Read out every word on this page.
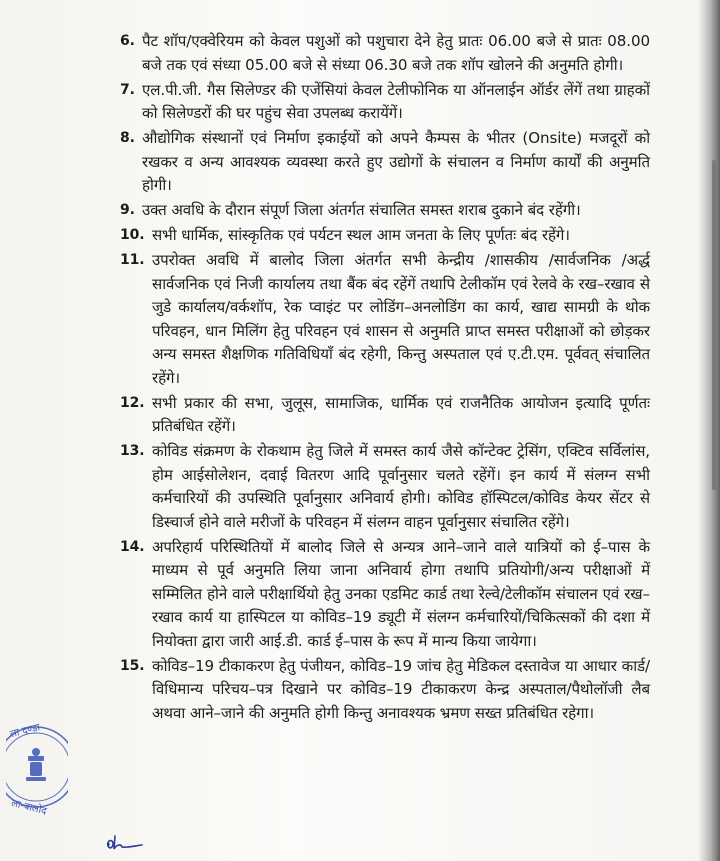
6. पैट शॉप/एक्वेरियम को केवल पशुओं को पशुचारा देने हेतु प्रातः 06.00 बजे से प्रातः 08.00 बजे तक एवं संध्या 05.00 बजे से संध्या 06.30 बजे तक शॉप खोलने की अनुमति होगी।
7. एल.पी.जी. गैस सिलेण्डर की एजेंसियां केवल टेलीफोनिक या ऑनलाईन ऑर्डर लेंगें तथा ग्राहकों को सिलेण्डरों की घर पहुंच सेवा उपलब्ध करायेंगें।
8. औद्योगिक संस्थानों एवं निर्माण इकाईयों को अपने कैम्पस के भीतर (Onsite) मजदूरों को रखकर व अन्य आवश्यक व्यवस्था करते हुए उद्योगों के संचालन व निर्माण कार्यों की अनुमति होगी।
9. उक्त अवधि के दौरान संपूर्ण जिला अंतर्गत संचालित समस्त शराब दुकाने बंद रहेंगी।
10. सभी धार्मिक, सांस्कृतिक एवं पर्यटन स्थल आम जनता के लिए पूर्णतः बंद रहेंगे।
11. उपरोक्त अवधि में बालोद जिला अंतर्गत सभी केन्द्रीय /शासकीय /सार्वजनिक /अर्द्ध सार्वजनिक एवं निजी कार्यालय तथा बैंक बंद रहेंगें तथापि टेलीकॉम एवं रेलवे के रख–रखाव से जुडे कार्यालय/वर्कशॉप, रेक प्वाइंट पर लोडिंग–अनलोडिंग का कार्य, खाद्य सामग्री के थोक परिवहन, धान मिलिंग हेतु परिवहन एवं शासन से अनुमति प्राप्त समस्त परीक्षाओं को छोड़कर अन्य समस्त शैक्षणिक गतिविधियाँ बंद रहेगी, किन्तु अस्पताल एवं ए.टी.एम. पूर्ववत् संचालित रहेंगे।
12. सभी प्रकार की सभा, जुलूस, सामाजिक, धार्मिक एवं राजनैतिक आयोजन इत्यादि पूर्णतः प्रतिबंधित रहेंगें।
13. कोविड संक्रमण के रोकथाम हेतु जिले में समस्त कार्य जैसे कॉन्टेक्ट ट्रेसिंग, एक्टिव सर्विलांस, होम आईसोलेशन, दवाई वितरण आदि पूर्वानुसार चलते रहेंगें। इन कार्य में संलग्न सभी कर्मचारियों की उपस्थिति पूर्वानुसार अनिवार्य होगी। कोविड हॉस्पिटल/कोविड केयर सेंटर से डिस्चार्ज होने वाले मरीजों के परिवहन में संलग्न वाहन पूर्वानुसार संचालित रहेंगे।
14. अपरिहार्य परिस्थितियों में बालोद जिले से अन्यत्र आने–जाने वाले यात्रियों को ई–पास के माध्यम से पूर्व अनुमति लिया जाना अनिवार्य होगा तथापि प्रतियोगी/अन्य परीक्षाओं में सम्मिलित होने वाले परीक्षार्थियो हेतु उनका एडमिट कार्ड तथा रेल्वे/टेलीकॉम संचालन एवं रख–रखाव कार्य या हास्पिटल या कोविड–19 ड्यूटी में संलग्न कर्मचारियों/चिकित्सकों की दशा में नियोक्ता द्वारा जारी आई.डी. कार्ड ई–पास के रूप में मान्य किया जायेगा।
15. कोविड–19 टीकाकरण हेतु पंजीयन, कोविड–19 जांच हेतु मेडिकल दस्तावेज या आधार कार्ड/विधिमान्य परिचय–पत्र दिखाने पर कोविड–19 टीकाकरण केन्द्र अस्पताल/पैथोलॉजी लैब अथवा आने–जाने की अनुमति होगी किन्तु अनावश्यक भ्रमण सख्त प्रतिबंधित रहेगा।
ला दण्डा
ला-बालोद
